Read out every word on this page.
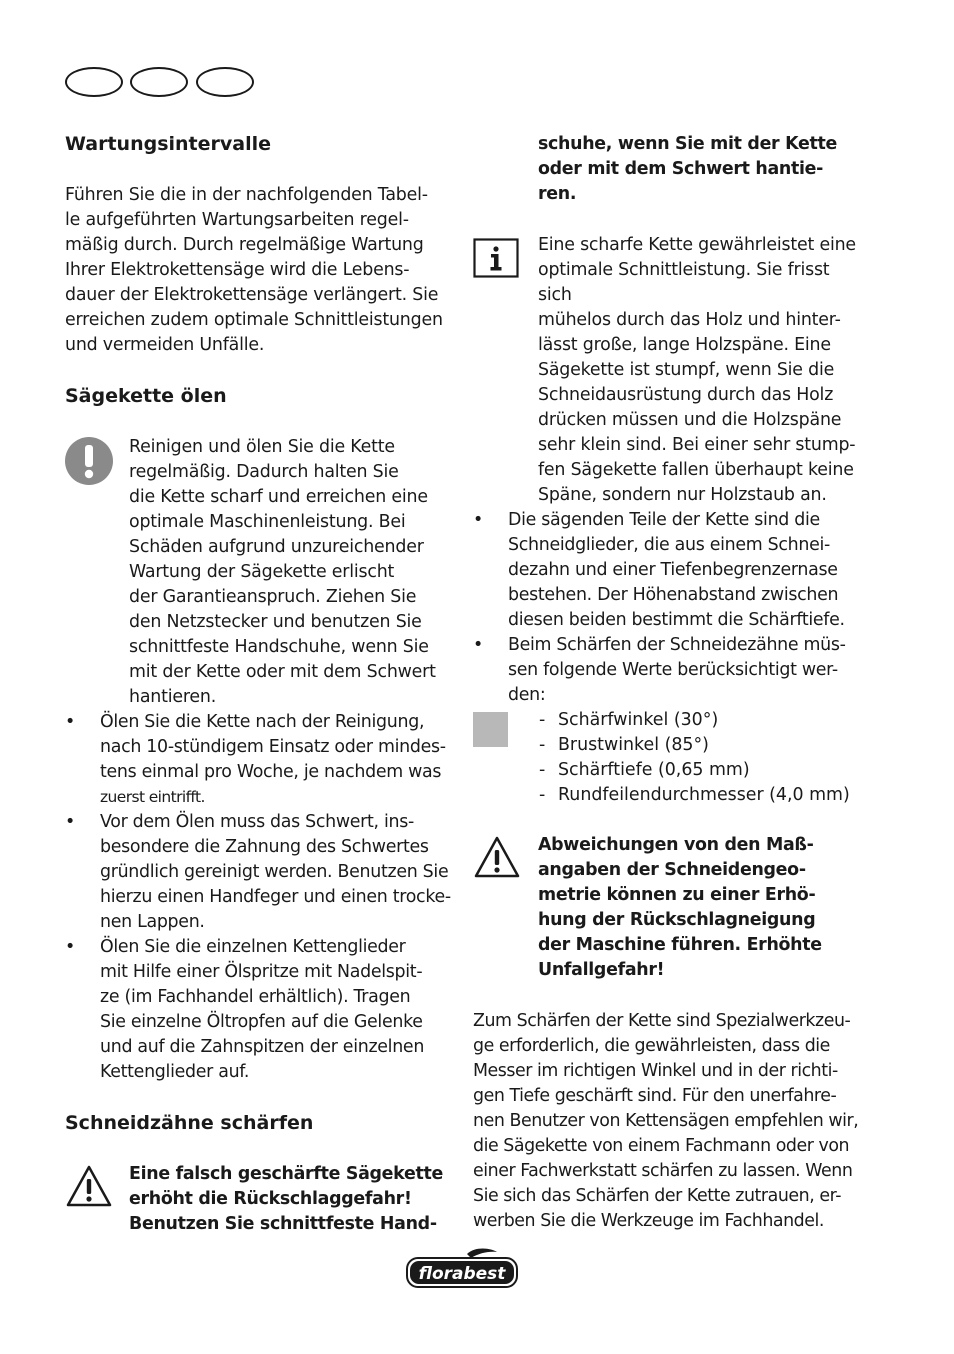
Wartungsintervalle

Führen Sie die in der nachfolgenden Tabel-
le aufgeführten Wartungsarbeiten regel-
mäßig durch. Durch regelmäßige Wartung
Ihrer Elektrokettensäge wird die Lebens-
dauer der Elektrokettensäge verlängert. Sie
erreichen zudem optimale Schnittleistungen
und vermeiden Unfälle.

Sägekette ölen

Reinigen und ölen Sie die Kette
regelmäßig. Dadurch halten Sie
die Kette scharf und erreichen eine
optimale Maschinenleistung. Bei
Schäden aufgrund unzureichender
Wartung der Sägekette erlischt
der Garantieanspruch. Ziehen Sie
den Netzstecker und benutzen Sie
schnittfeste Handschuhe, wenn Sie
mit der Kette oder mit dem Schwert
hantieren.

• Ölen Sie die Kette nach der Reinigung,
nach 10-stündigem Einsatz oder mindes-
tens einmal pro Woche, je nachdem was
zuerst eintrifft.
• Vor dem Ölen muss das Schwert, ins-
besondere die Zahnung des Schwertes
gründlich gereinigt werden. Benutzen Sie
hierzu einen Handfeger und einen trocke-
nen Lappen.
• Ölen Sie die einzelnen Kettenglieder
mit Hilfe einer Ölspritze mit Nadelspit-
ze (im Fachhandel erhältlich). Tragen
Sie einzelne Öltropfen auf die Gelenke
und auf die Zahnspitzen der einzelnen
Kettenglieder auf.
Schneidzähne schärfen

Eine falsch geschärfte Sägekette
erhöht die Rückschlaggefahr!
Benutzen Sie schnittfeste Hand-

schuhe, wenn Sie mit der Kette
oder mit dem Schwert hantie-
ren.

Eine scharfe Kette gewährleistet eine
optimale Schnittleistung. Sie frisst sich
mühelos durch das Holz und hinter-
lässt große, lange Holzspäne. Eine
Sägekette ist stumpf, wenn Sie die
Schneidausrüstung durch das Holz
drücken müssen und die Holzspäne
sehr klein sind. Bei einer sehr stump-
fen Sägekette fallen überhaupt keine
Späne, sondern nur Holzstaub an.

• Die sägenden Teile der Kette sind die
Schneidglieder, die aus einem Schnei-
dezahn und einer Tiefenbegrenzernase
bestehen. Der Höhenabstand zwischen
diesen beiden bestimmt die Schärftiefe.
• Beim Schärfen der Schneidezähne müs-
sen folgende Werte berücksichtigt wer-
den:
- Schärfwinkel (30°)
- Brustwinkel (85°)
- Schärftiefe (0,65 mm)
- Rundfeilendurchmesser (4,0 mm)

Abweichungen von den Maß-
angaben der Schneidengeo-
metrie können zu einer Erhö-
hung der Rückschlagneigung
der Maschine führen. Erhöhte
Unfallgefahr!

Zum Schärfen der Kette sind Spezialwerkzeu-
ge erforderlich, die gewährleisten, dass die
Messer im richtigen Winkel und in der richti-
gen Tiefe geschärft sind. Für den unerfahre-
nen Benutzer von Kettensägen empfehlen wir,
die Sägekette von einem Fachmann oder von
einer Fachwerkstatt schärfen zu lassen. Wenn
Sie sich das Schärfen der Kette zutrauen, er-
werben Sie die Werkzeuge im Fachhandel.

florabest
